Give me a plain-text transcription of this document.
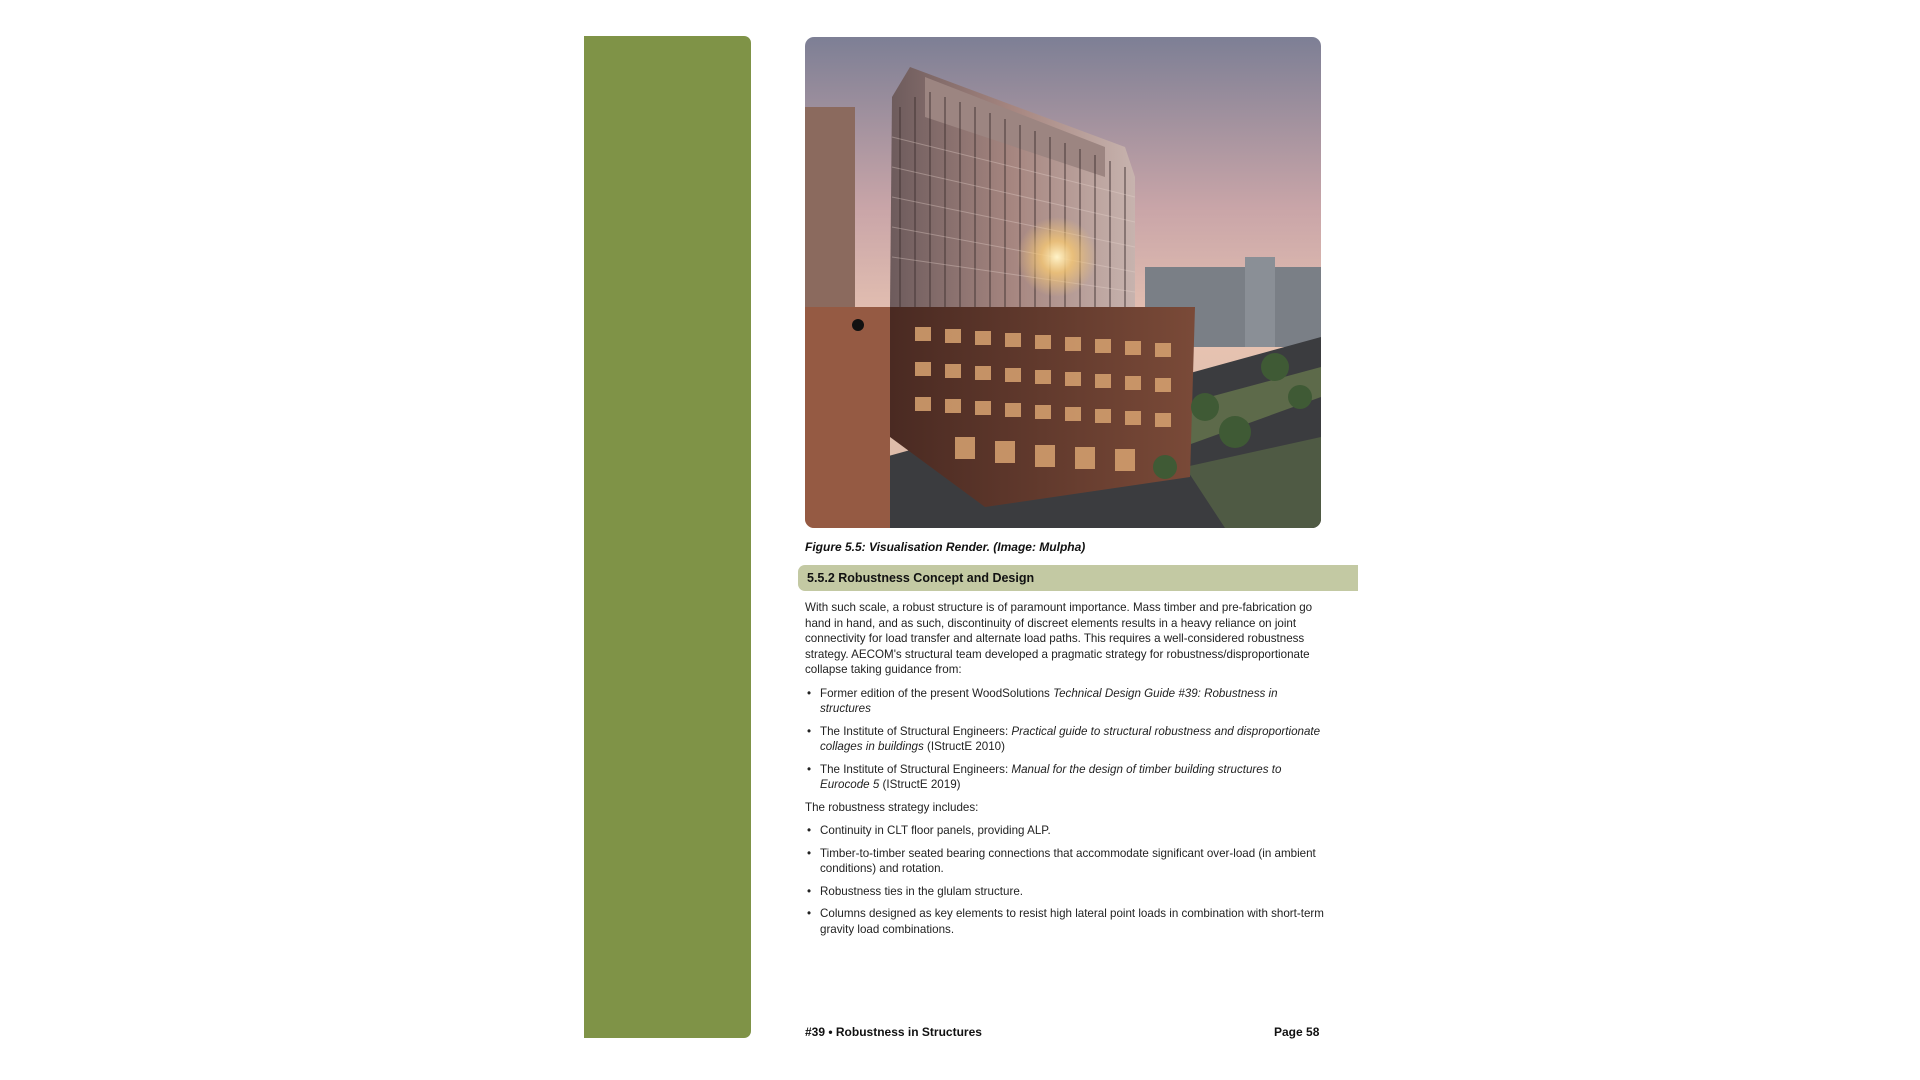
Figure 5.5: Visualisation Render. (Image: Mulpha)
5.5.2 Robustness Concept and Design

With such scale, a robust structure is of paramount importance. Mass timber and pre-fabrication go hand in hand, and as such, discontinuity of discreet elements results in a heavy reliance on joint connectivity for load transfer and alternate load paths. This requires a well-considered robustness strategy. AECOM's structural team developed a pragmatic strategy for robustness/disproportionate collapse taking guidance from:

• Former edition of the present WoodSolutions Technical Design Guide #39: Robustness in structures
• The Institute of Structural Engineers: Practical guide to structural robustness and disproportionate collages in buildings (IStructE 2010)
• The Institute of Structural Engineers: Manual for the design of timber building structures to Eurocode 5 (IStructE 2019)

The robustness strategy includes:

• Continuity in CLT floor panels, providing ALP.
• Timber-to-timber seated bearing connections that accommodate significant over-load (in ambient conditions) and rotation.
• Robustness ties in the glulam structure.
• Columns designed as key elements to resist high lateral point loads in combination with short-term gravity load combinations.
#39 • Robustness in Structures	Page 58
